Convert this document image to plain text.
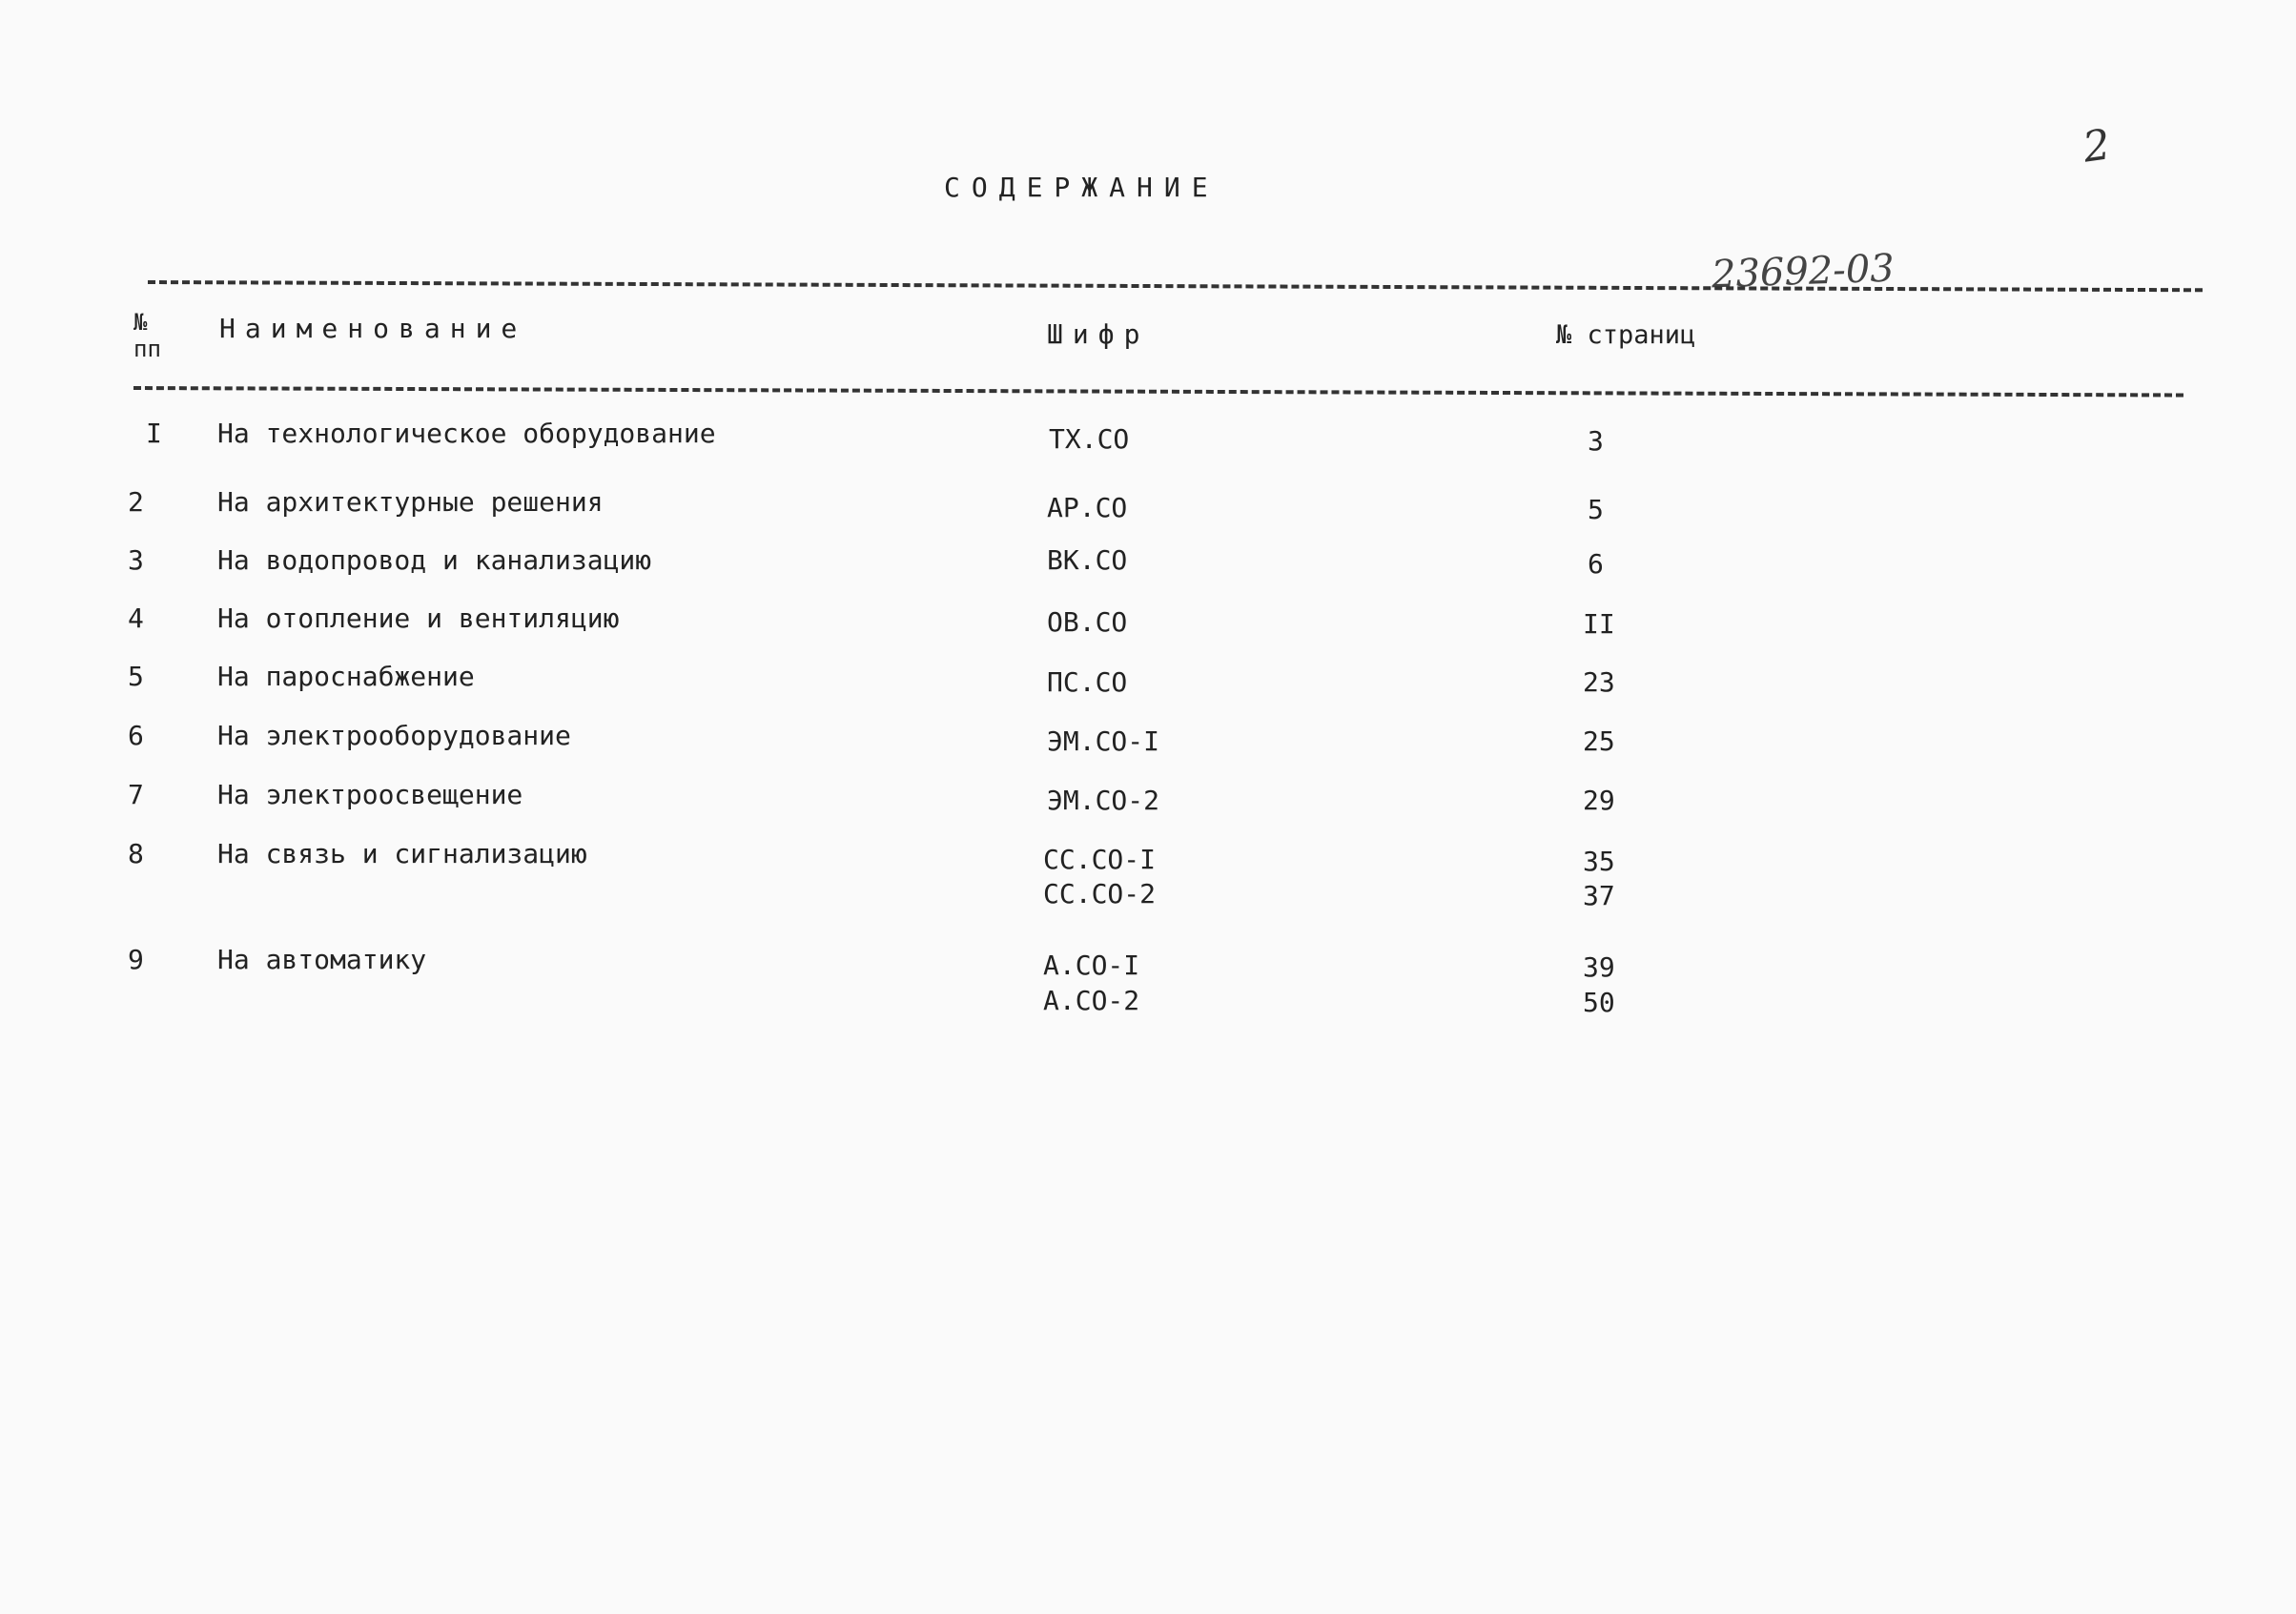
2
СОДЕРЖАНИЕ
23692-03
№
пп
Наименование	Шифр	№ страниц
I На технологическое оборудование	ТХ.СО	3
2	На архитектурные решения	АР.СО	5
3	На водопровод и канализацию	ВК.СО	6
4	На отопление и вентиляцию	ОВ.СО	II
5	На пароснабжение	ПС.СО	23
6	На электрооборудование	ЭМ.СО-I	25
7	На электроосвещение	ЭМ.СО-2	29
8	На связь и сигнализацию	СС.СО-I	35
СС.СО-2	37
9	На автоматику	А.СО-I	39
А.СО-2	50
